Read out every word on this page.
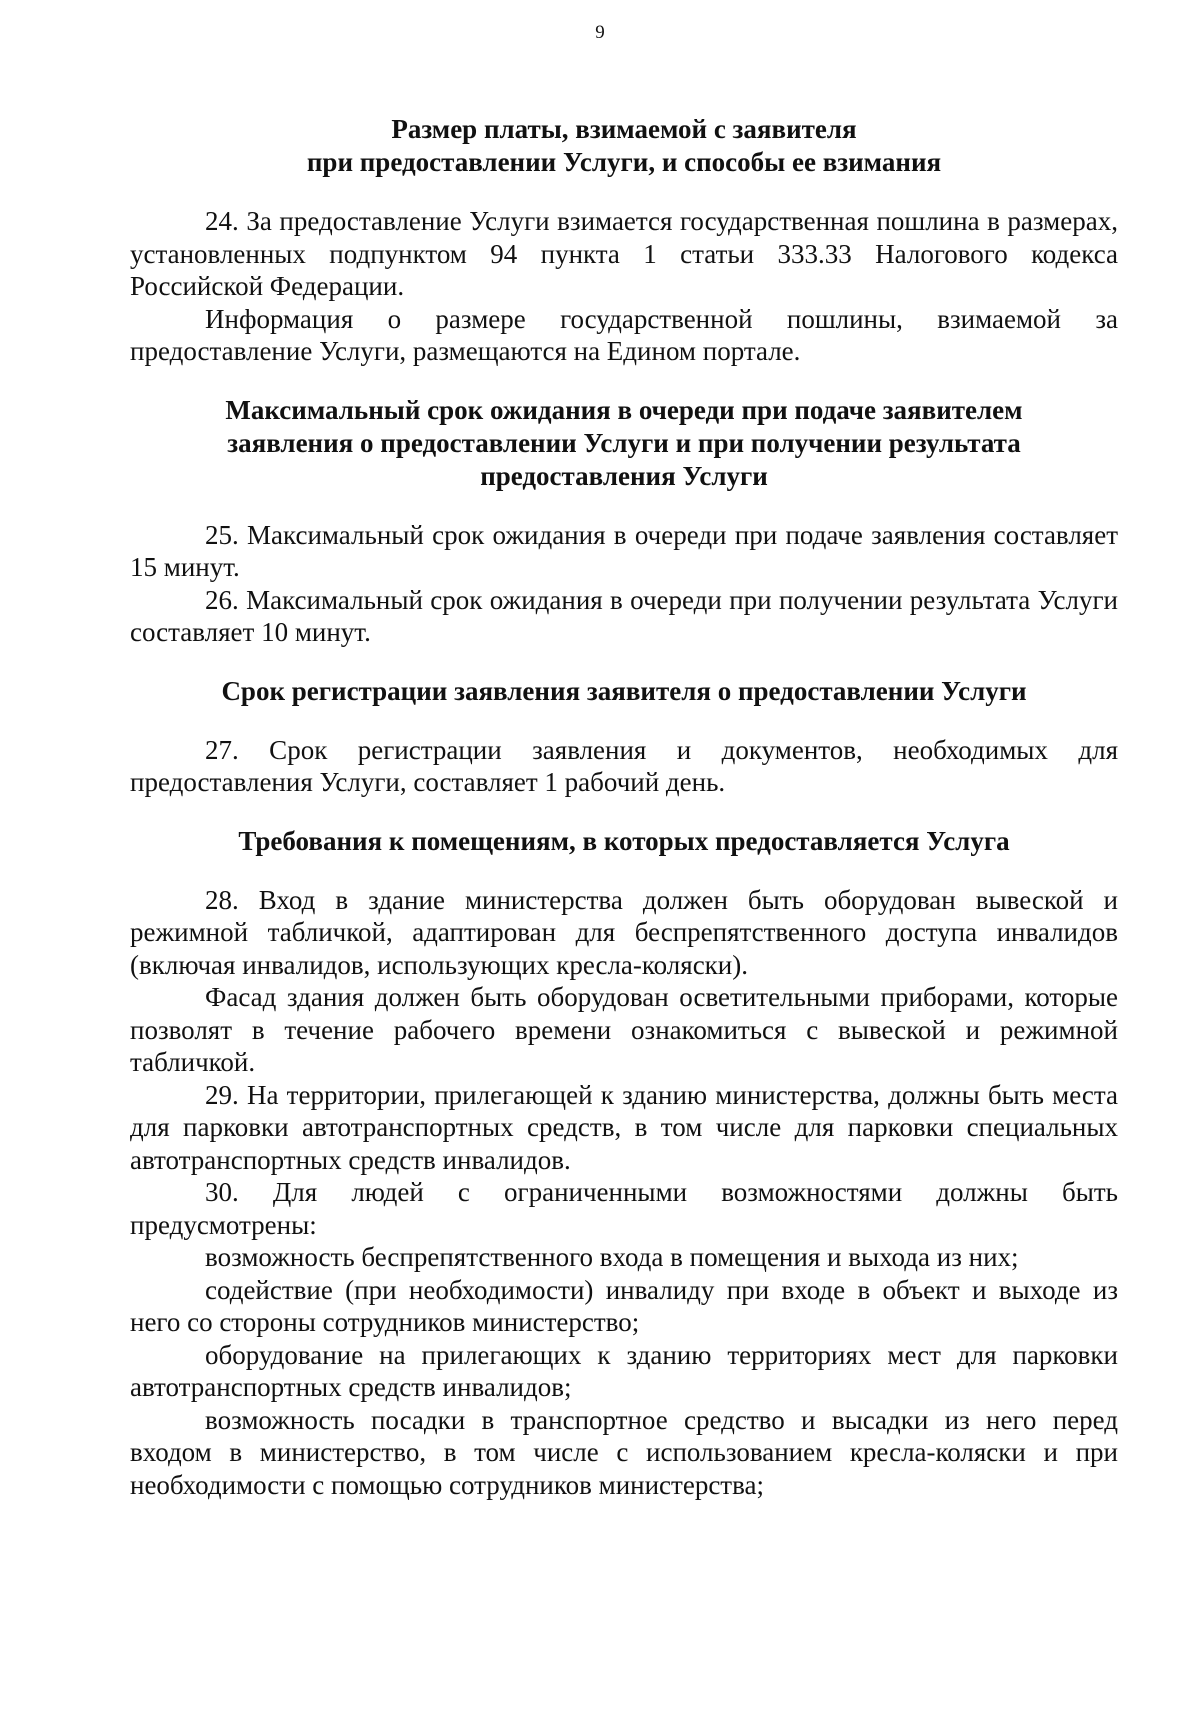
9
Размер платы, взимаемой с заявителя
при предоставлении Услуги, и способы ее взимания

24. За предоставление Услуги взимается государственная пошлина в размерах, установленных подпунктом 94 пункта 1 статьи 333.33 Налогового кодекса Российской Федерации.

Информация о размере государственной пошлины, взимаемой за предоставление Услуги, размещаются на Едином портале.

Максимальный срок ожидания в очереди при подаче заявителем
заявления о предоставлении Услуги и при получении результата
предоставления Услуги

25. Максимальный срок ожидания в очереди при подаче заявления составляет 15 минут.

26. Максимальный срок ожидания в очереди при получении результата Услуги составляет 10 минут.

Срок регистрации заявления заявителя о предоставлении Услуги

27. Срок регистрации заявления и документов, необходимых для предоставления Услуги, составляет 1 рабочий день.

Требования к помещениям, в которых предоставляется Услуга

28. Вход в здание министерства должен быть оборудован вывеской и режимной табличкой, адаптирован для беспрепятственного доступа инвалидов (включая инвалидов, использующих кресла-коляски).

Фасад здания должен быть оборудован осветительными приборами, которые позволят в течение рабочего времени ознакомиться с вывеской и режимной табличкой.

29. На территории, прилегающей к зданию министерства, должны быть места для парковки автотранспортных средств, в том числе для парковки специальных автотранспортных средств инвалидов.

30. Для людей с ограниченными возможностями должны быть предусмотрены:

возможность беспрепятственного входа в помещения и выхода из них;

содействие (при необходимости) инвалиду при входе в объект и выходе из него со стороны сотрудников министерство;

оборудование на прилегающих к зданию территориях мест для парковки автотранспортных средств инвалидов;

возможность посадки в транспортное средство и высадки из него перед входом в министерство, в том числе с использованием кресла-коляски и при необходимости с помощью сотрудников министерства;
